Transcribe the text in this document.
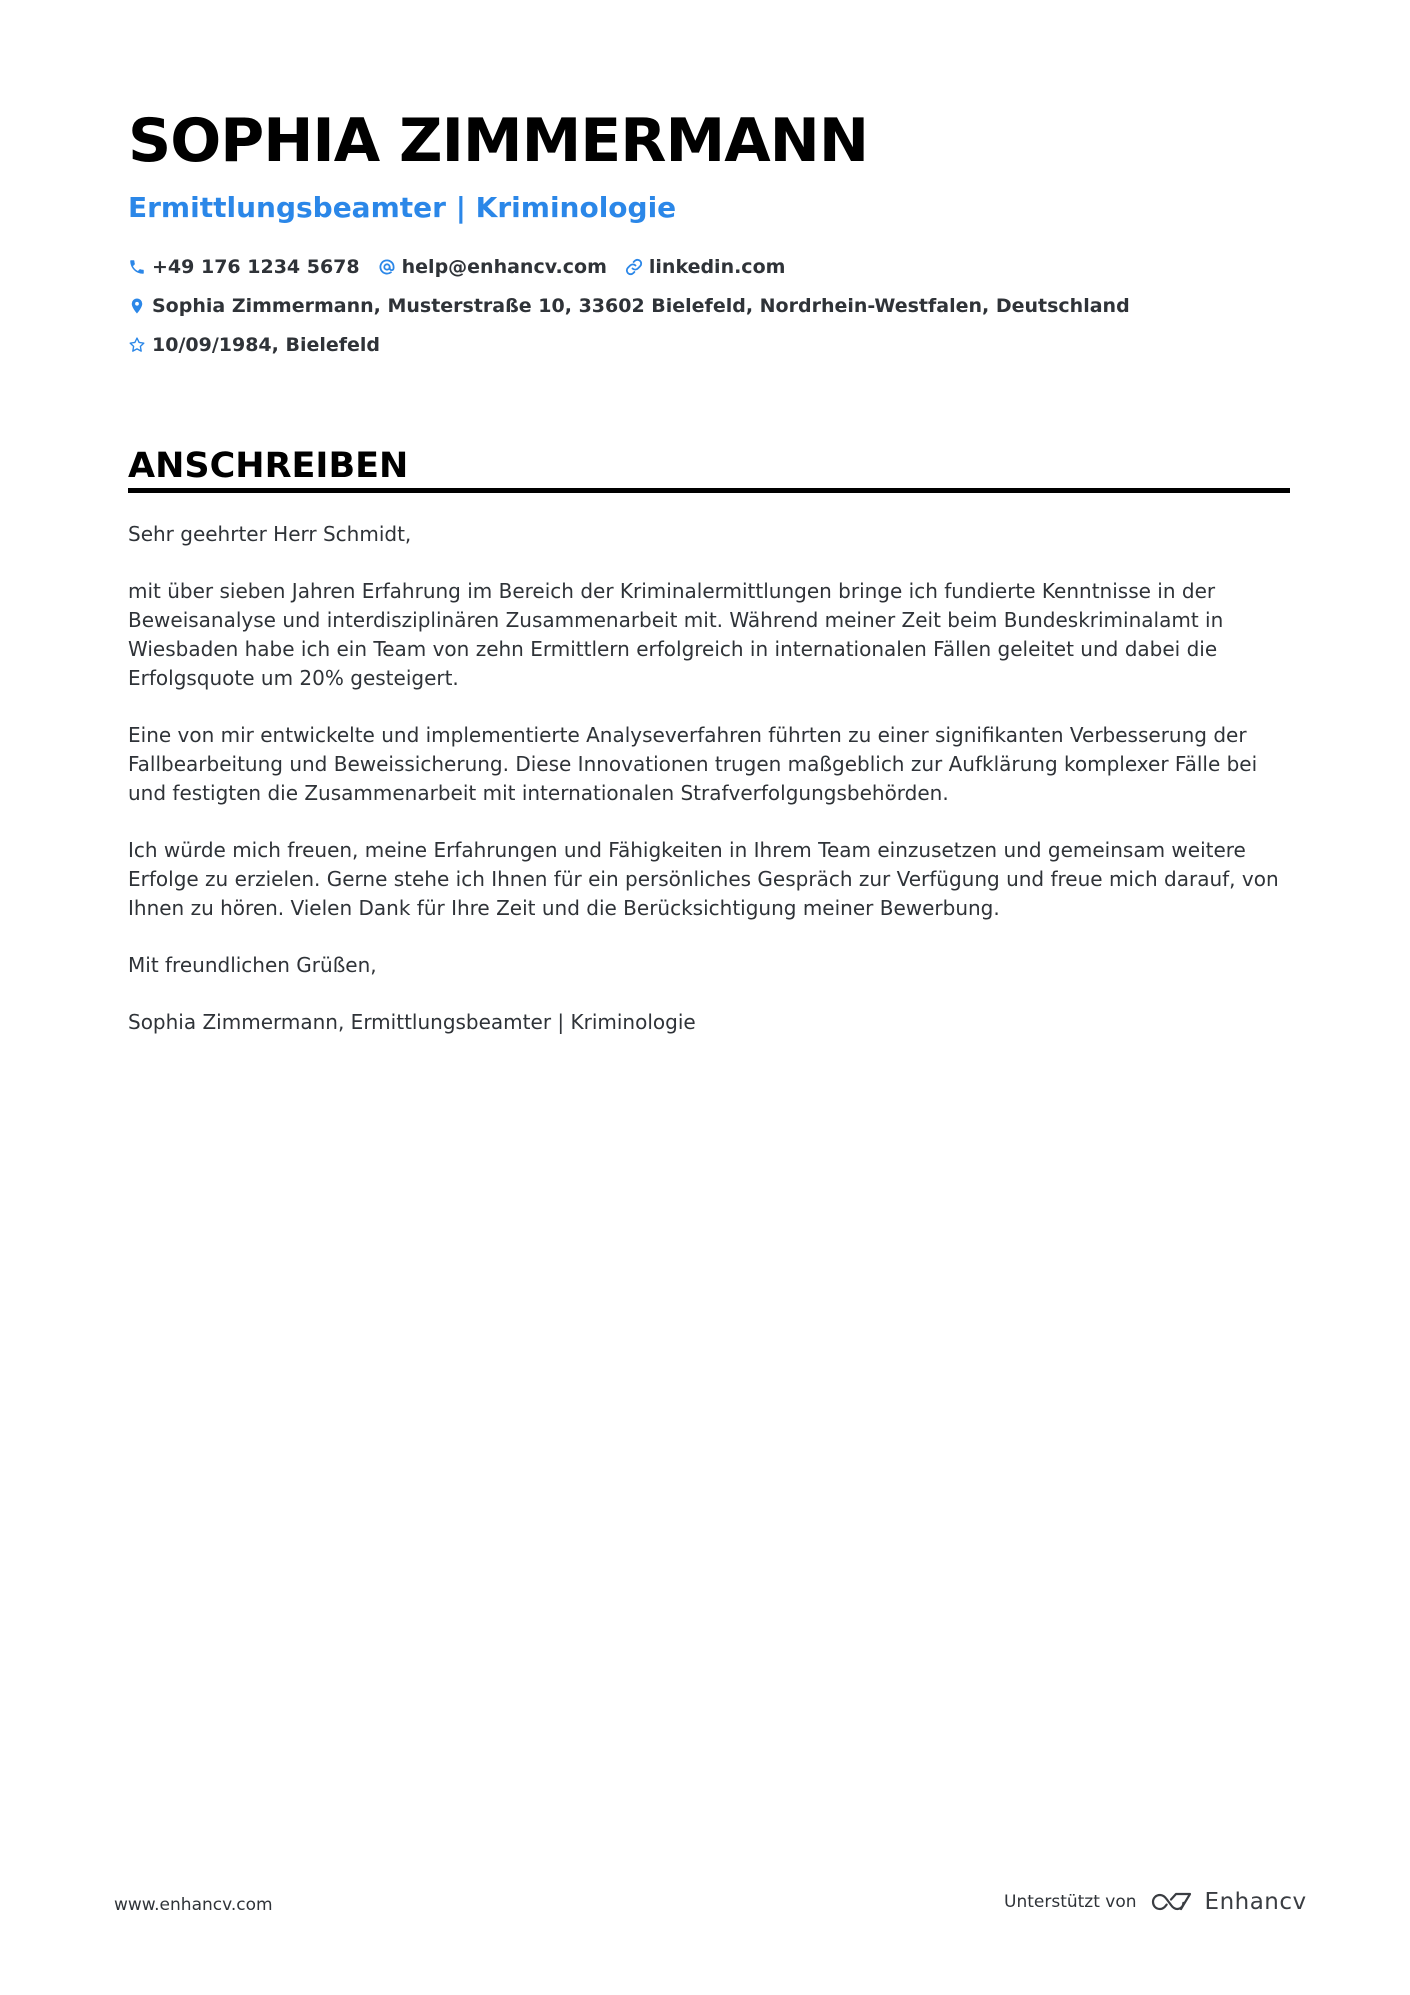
SOPHIA ZIMMERMANN
Ermittlungsbeamter | Kriminologie
+49 176 1234 5678 help@enhancv.com linkedin.com
Sophia Zimmermann, Musterstraße 10, 33602 Bielefeld, Nordrhein-Westfalen, Deutschland
10/09/1984, Bielefeld
ANSCHREIBEN

Sehr geehrter Herr Schmidt,

mit über sieben Jahren Erfahrung im Bereich der Kriminalermittlungen bringe ich fundierte Kenntnisse in der Beweisanalyse und interdisziplinären Zusammenarbeit mit. Während meiner Zeit beim Bundeskriminalamt in Wiesbaden habe ich ein Team von zehn Ermittlern erfolgreich in internationalen Fällen geleitet und dabei die Erfolgsquote um 20% gesteigert.

Eine von mir entwickelte und implementierte Analyseverfahren führten zu einer signifikanten Verbesserung der Fallbearbeitung und Beweissicherung. Diese Innovationen trugen maßgeblich zur Aufklärung komplexer Fälle bei und festigten die Zusammenarbeit mit internationalen Strafverfolgungsbehörden.

Ich würde mich freuen, meine Erfahrungen und Fähigkeiten in Ihrem Team einzusetzen und gemeinsam weitere Erfolge zu erzielen. Gerne stehe ich Ihnen für ein persönliches Gespräch zur Verfügung und freue mich darauf, von Ihnen zu hören. Vielen Dank für Ihre Zeit und die Berücksichtigung meiner Bewerbung.

Mit freundlichen Grüßen,

Sophia Zimmermann, Ermittlungsbeamter | Kriminologie

www.enhancv.com	Unterstützt von	Enhancv
